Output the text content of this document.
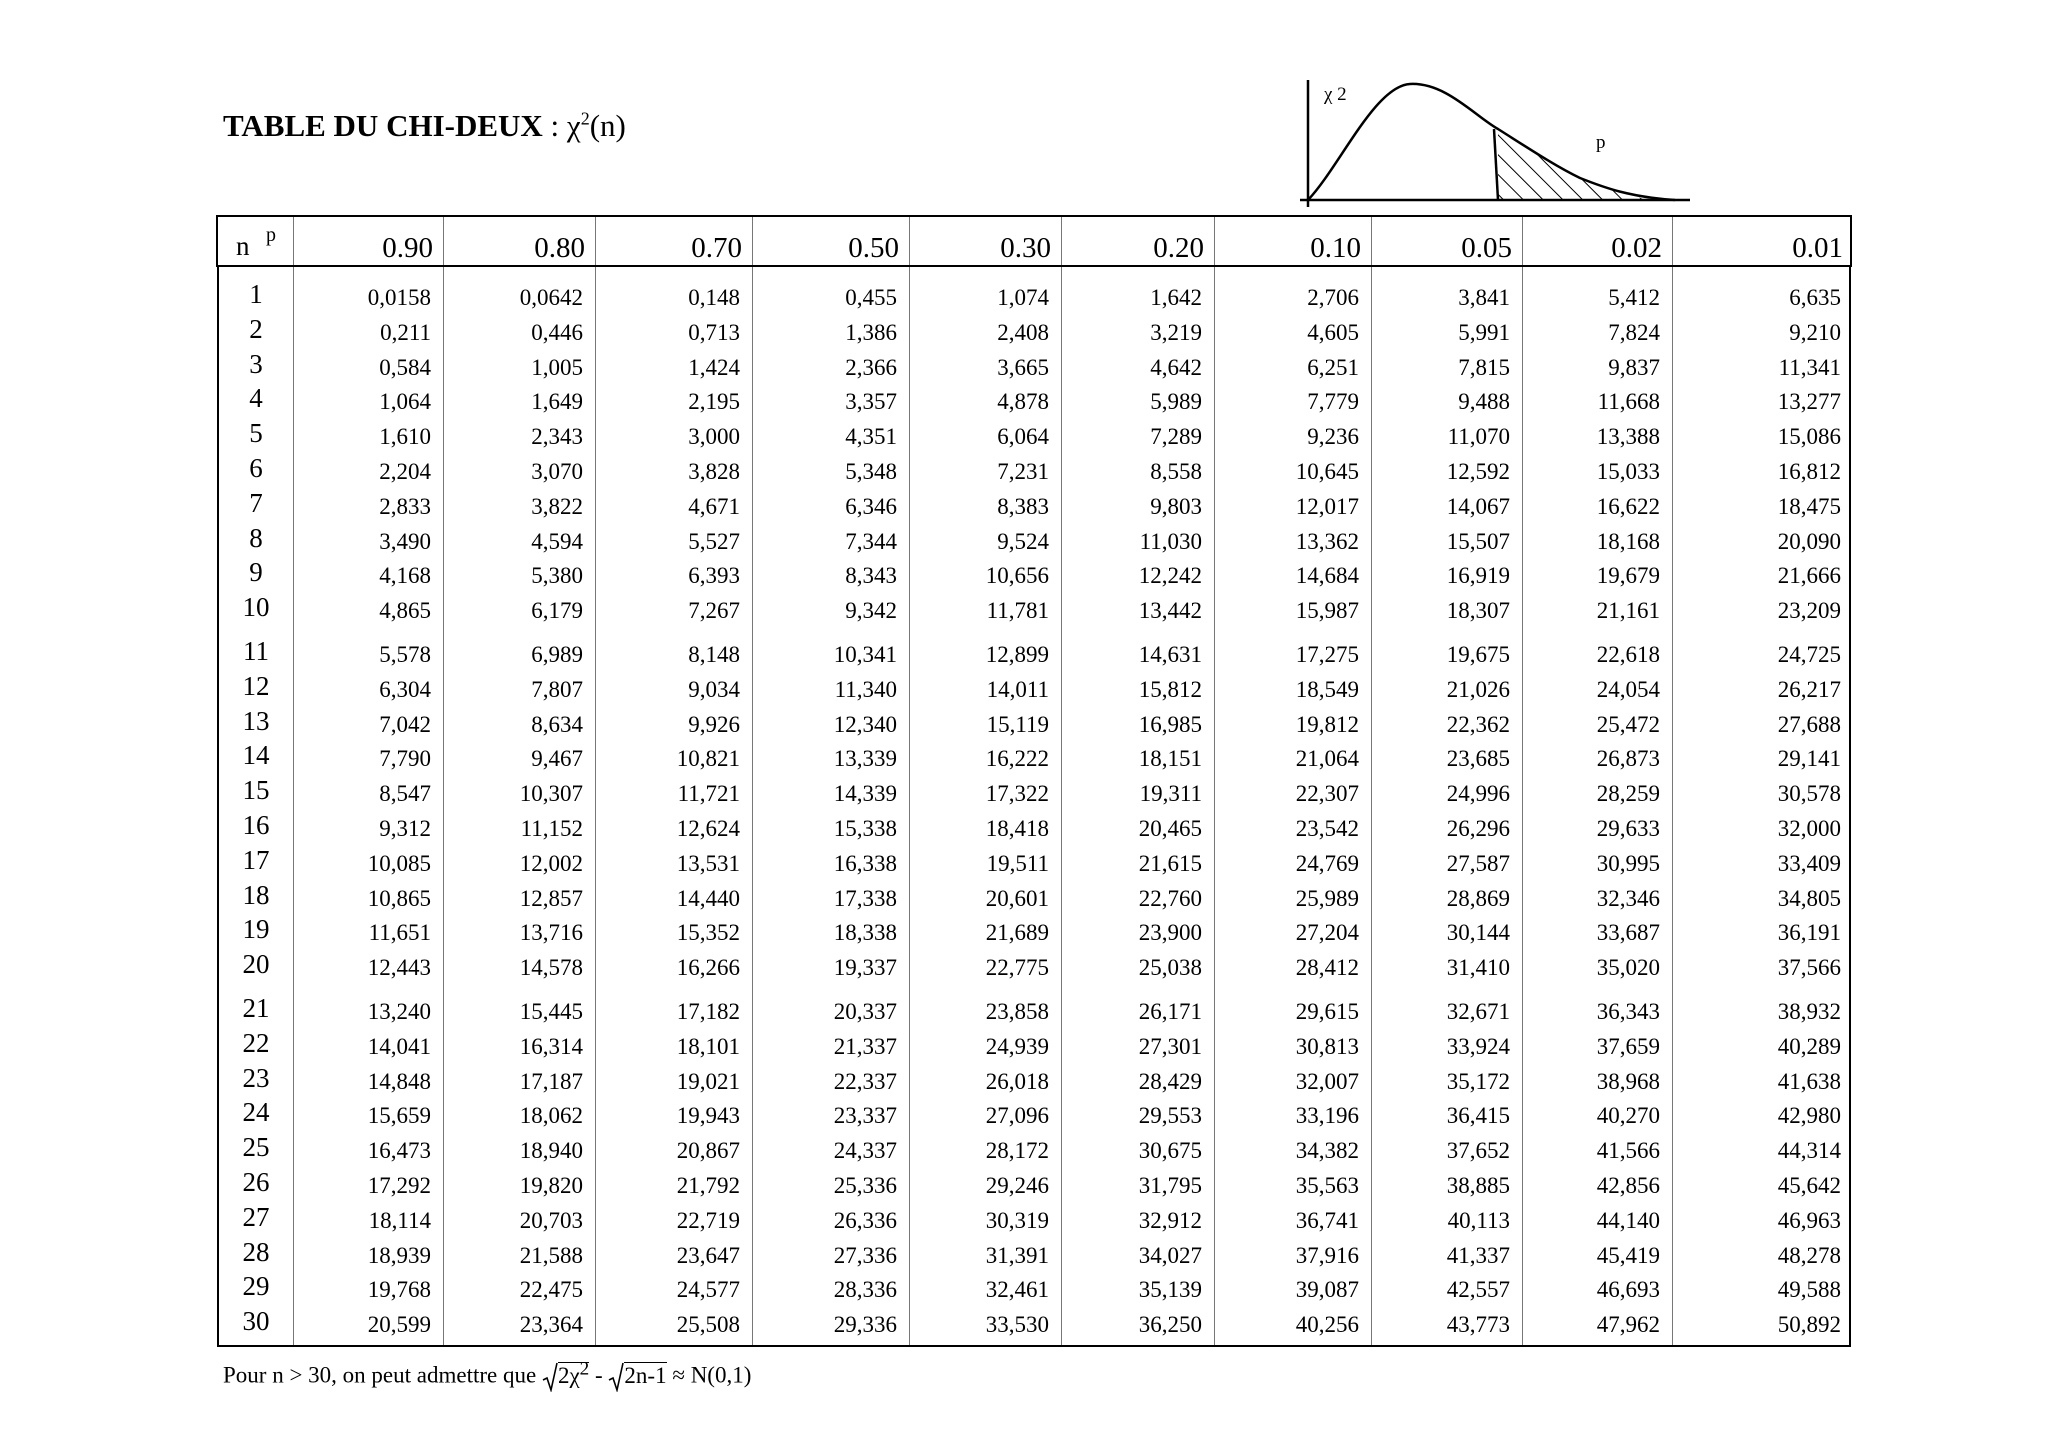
TABLE DU CHI-DEUX : $\chi^2(n)$
χ 2
p
n p	0.90	0.80	0.70	0.50	0.30	0.20	0.10	0.05	0.02	0.01
1	0,0158	0,0642	0,148	0,455	1,074	1,642	2,706	3,841	5,412	6,635
2	0,211	0,446	0,713	1,386	2,408	3,219	4,605	5,991	7,824	9,210
3	0,584	1,005	1,424	2,366	3,665	4,642	6,251	7,815	9,837	11,341
4	1,064	1,649	2,195	3,357	4,878	5,989	7,779	9,488	11,668	13,277
5	1,610	2,343	3,000	4,351	6,064	7,289	9,236	11,070	13,388	15,086
6	2,204	3,070	3,828	5,348	7,231	8,558	10,645	12,592	15,033	16,812
7	2,833	3,822	4,671	6,346	8,383	9,803	12,017	14,067	16,622	18,475
8	3,490	4,594	5,527	7,344	9,524	11,030	13,362	15,507	18,168	20,090
9	4,168	5,380	6,393	8,343	10,656	12,242	14,684	16,919	19,679	21,666
10	4,865	6,179	7,267	9,342	11,781	13,442	15,987	18,307	21,161	23,209
11	5,578	6,989	8,148	10,341	12,899	14,631	17,275	19,675	22,618	24,725
12	6,304	7,807	9,034	11,340	14,011	15,812	18,549	21,026	24,054	26,217
13	7,042	8,634	9,926	12,340	15,119	16,985	19,812	22,362	25,472	27,688
14	7,790	9,467	10,821	13,339	16,222	18,151	21,064	23,685	26,873	29,141
15	8,547	10,307	11,721	14,339	17,322	19,311	22,307	24,996	28,259	30,578
16	9,312	11,152	12,624	15,338	18,418	20,465	23,542	26,296	29,633	32,000
17	10,085	12,002	13,531	16,338	19,511	21,615	24,769	27,587	30,995	33,409
18	10,865	12,857	14,440	17,338	20,601	22,760	25,989	28,869	32,346	34,805
19	11,651	13,716	15,352	18,338	21,689	23,900	27,204	30,144	33,687	36,191
20	12,443	14,578	16,266	19,337	22,775	25,038	28,412	31,410	35,020	37,566
21	13,240	15,445	17,182	20,337	23,858	26,171	29,615	32,671	36,343	38,932
22	14,041	16,314	18,101	21,337	24,939	27,301	30,813	33,924	37,659	40,289
23	14,848	17,187	19,021	22,337	26,018	28,429	32,007	35,172	38,968	41,638
24	15,659	18,062	19,943	23,337	27,096	29,553	33,196	36,415	40,270	42,980
25	16,473	18,940	20,867	24,337	28,172	30,675	34,382	37,652	41,566	44,314
26	17,292	19,820	21,792	25,336	29,246	31,795	35,563	38,885	42,856	45,642
27	18,114	20,703	22,719	26,336	30,319	32,912	36,741	40,113	44,140	46,963
28	18,939	21,588	23,647	27,336	31,391	34,027	37,916	41,337	45,419	48,278
29	19,768	22,475	24,577	28,336	32,461	35,139	39,087	42,557	46,693	49,588
30	20,599	23,364	25,508	29,336	33,530	36,250	40,256	43,773	47,962	50,892
Pour n > 30, on peut admettre que $2\chi^2 - 2n-1 \approx N(0,1)$
